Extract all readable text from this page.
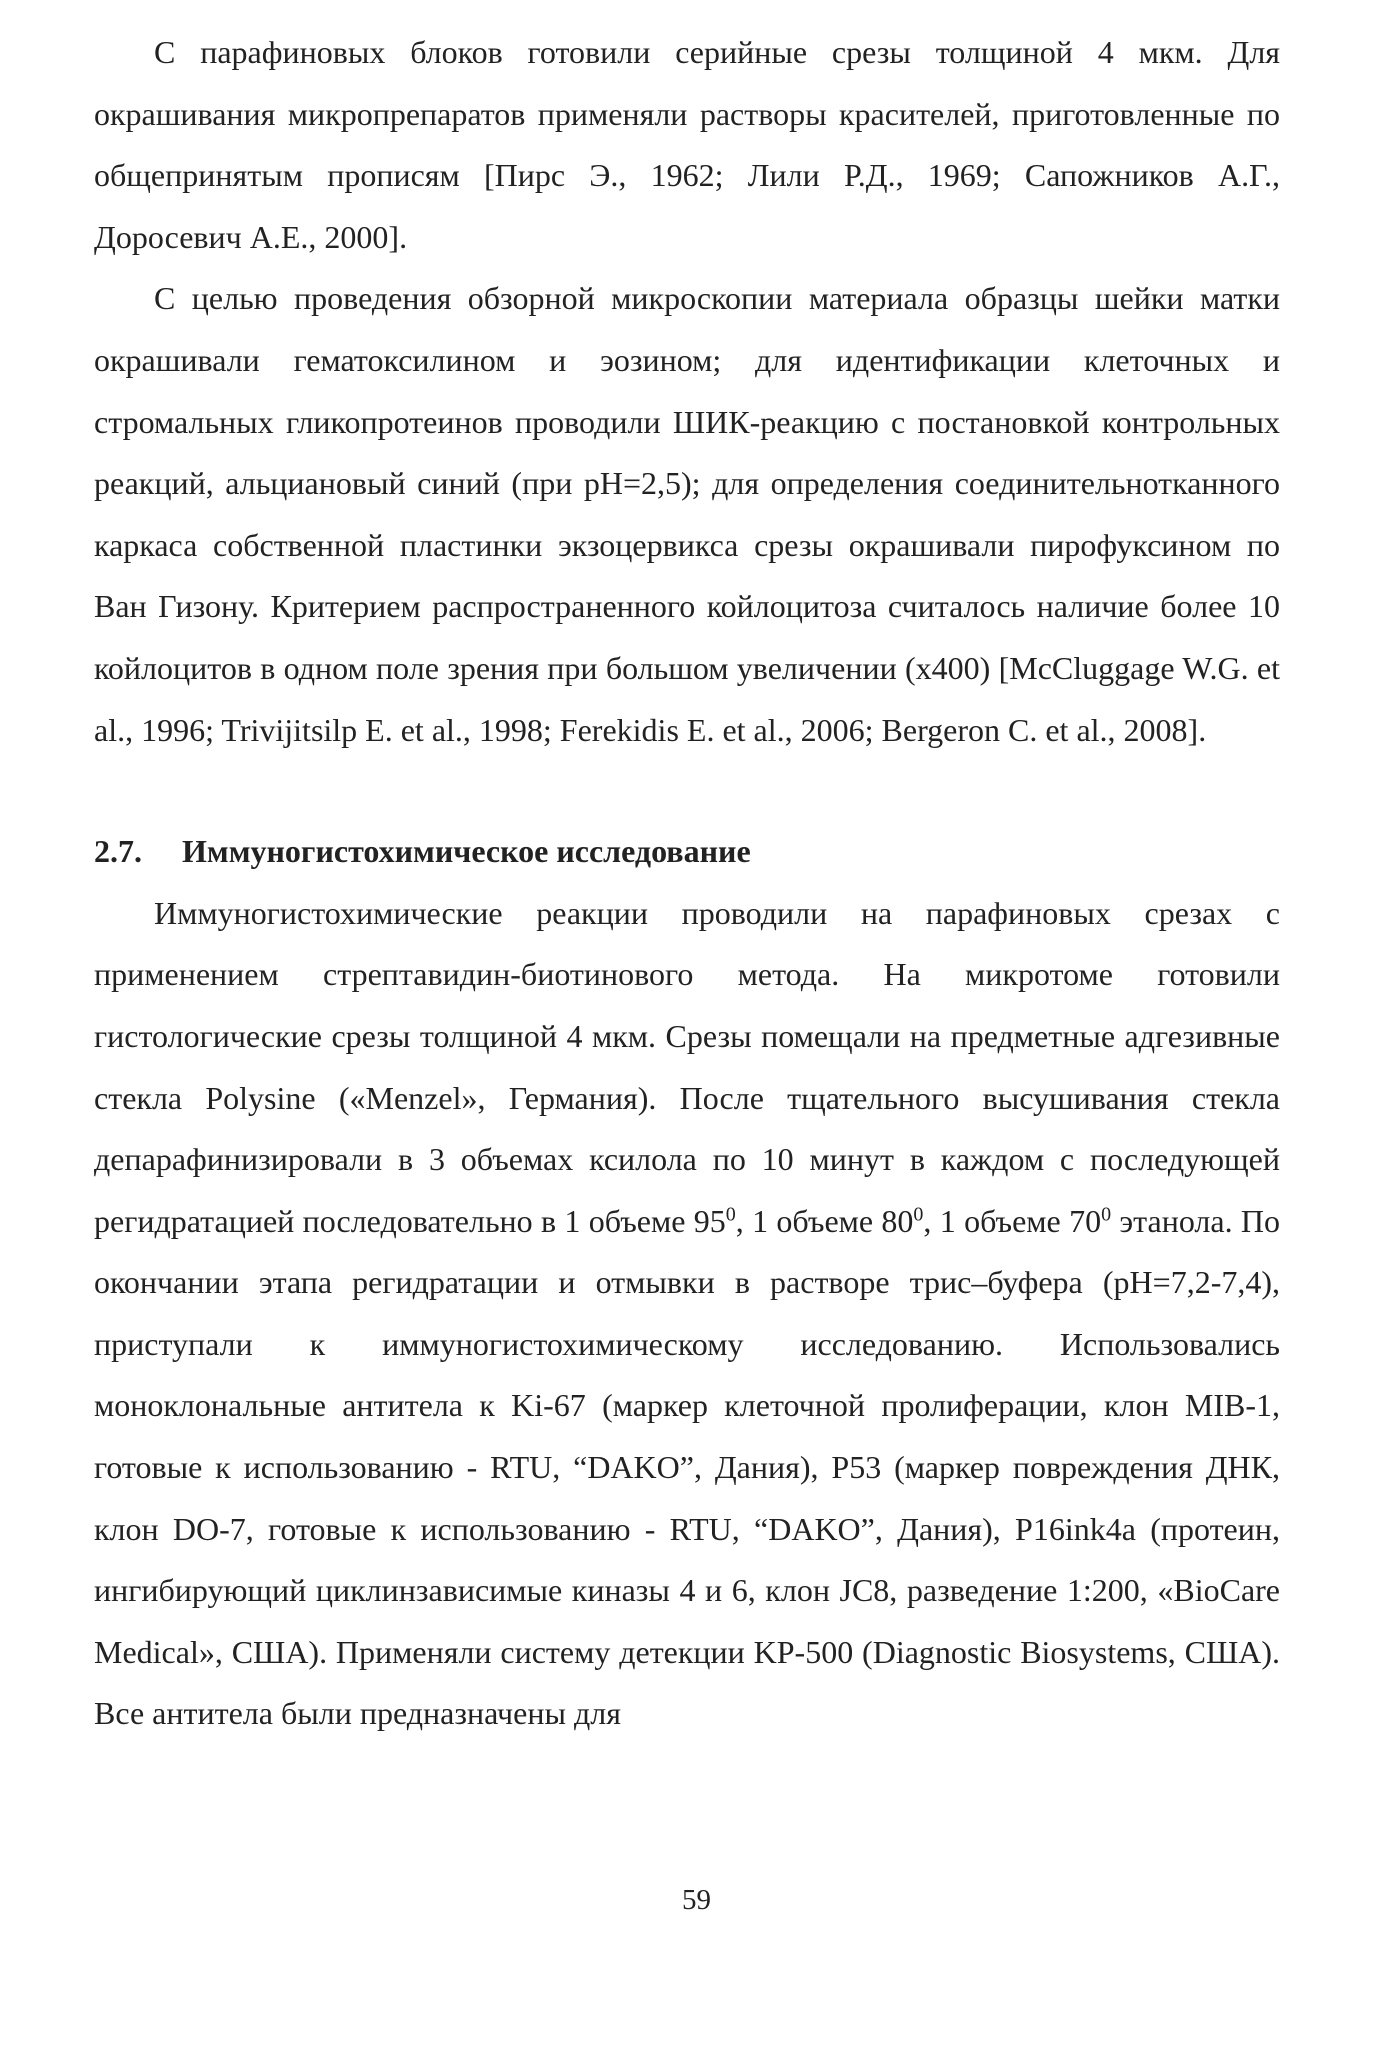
С парафиновых блоков готовили серийные срезы толщиной 4 мкм. Для окрашивания микропрепаратов применяли растворы красителей, приготовленные по общепринятым прописям [Пирс Э., 1962; Лили Р.Д., 1969; Сапожников А.Г., Доросевич А.Е., 2000].

С целью проведения обзорной микроскопии материала образцы шейки матки окрашивали гематоксилином и эозином; для идентификации клеточных и стромальных гликопротеинов проводили ШИК-реакцию с постановкой контрольных реакций, альциановый синий (при pH=2,5); для определения соединительнотканного каркаса собственной пластинки экзоцервикса срезы окрашивали пирофуксином по Ван Гизону. Критерием распространенного койлоцитоза считалось наличие более 10 койлоцитов в одном поле зрения при большом увеличении (x400) [McCluggage W.G. et al., 1996; Trivijitsilp E. et al., 1998; Ferekidis E. et al., 2006; Bergeron C. et al., 2008].

2.7.	Иммуногистохимическое исследование

Иммуногистохимические реакции проводили на парафиновых срезах с применением стрептавидин-биотинового метода. На микротоме готовили гистологические срезы толщиной 4 мкм. Срезы помещали на предметные адгезивные стекла Polysine («Menzel», Германия). После тщательного высушивания стекла депарафинизировали в 3 объемах ксилола по 10 минут в каждом с последующей регидратацией последовательно в 1 объеме $95^0$, 1 объеме $80^0$, 1 объеме $70^0$ этанола. По окончании этапа регидратации и отмывки в растворе трис–буфера (pH=7,2-7,4), приступали к иммуногистохимическому исследованию. Использовались моноклональные антитела к Ki-67 (маркер клеточной пролиферации, клон MIB-1, готовые к использованию - RTU, “DAKO”, Дания), P53 (маркер повреждения ДНК, клон DO-7, готовые к использованию - RTU, “DAKO”, Дания), P16ink4a (протеин, ингибирующий циклинзависимые киназы 4 и 6, клон JC8, разведение 1:200, «BioCare Medical», США). Применяли систему детекции KP-500 (Diagnostic Biosystems, США). Все антитела были предназначены для

59
